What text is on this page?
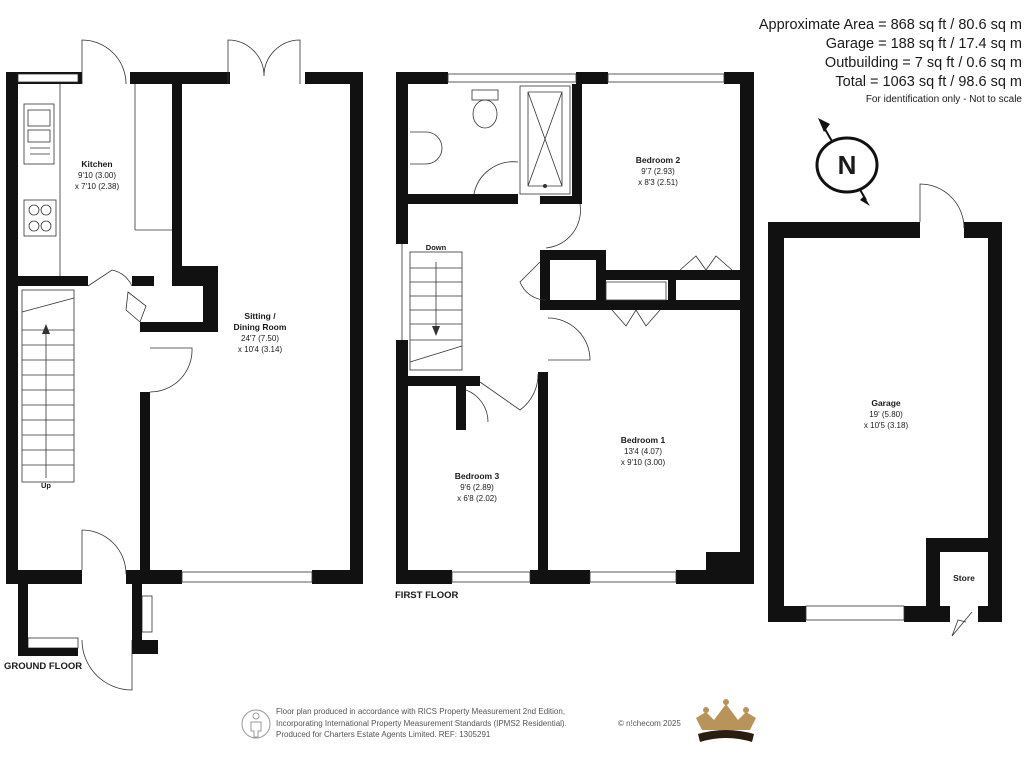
Approximate Area = 868 sq ft / 80.6 sq m
Garage = 188 sq ft / 17.4 sq m
Outbuilding = 7 sq ft / 0.6 sq m
Total = 1063 sq ft / 98.6 sq m
For identification only - Not to scale
Kitchen
9'10 (3.00)
x 7'10 (2.38)
Sitting /
Dining Room
24'7 (7.50)
x 10'4 (3.14)
Up
GROUND FLOOR
Bedroom 2
9'7 (2.93)
x 8'3 (2.51)
Bedroom 1
13'4 (4.07)
x 9'10 (3.00)
Bedroom 3
9'6 (2.89)
x 6'8 (2.02)
Down
FIRST FLOOR
Garage
19' (5.80)
x 10'5 (3.18)
Store
N
Floor plan produced in accordance with RICS Property Measurement 2nd Edition,
Incorporating International Property Measurement Standards (IPMS2 Residential).
Produced for Charters Estate Agents Limited. REF: 1305291
© n!checom 2025
